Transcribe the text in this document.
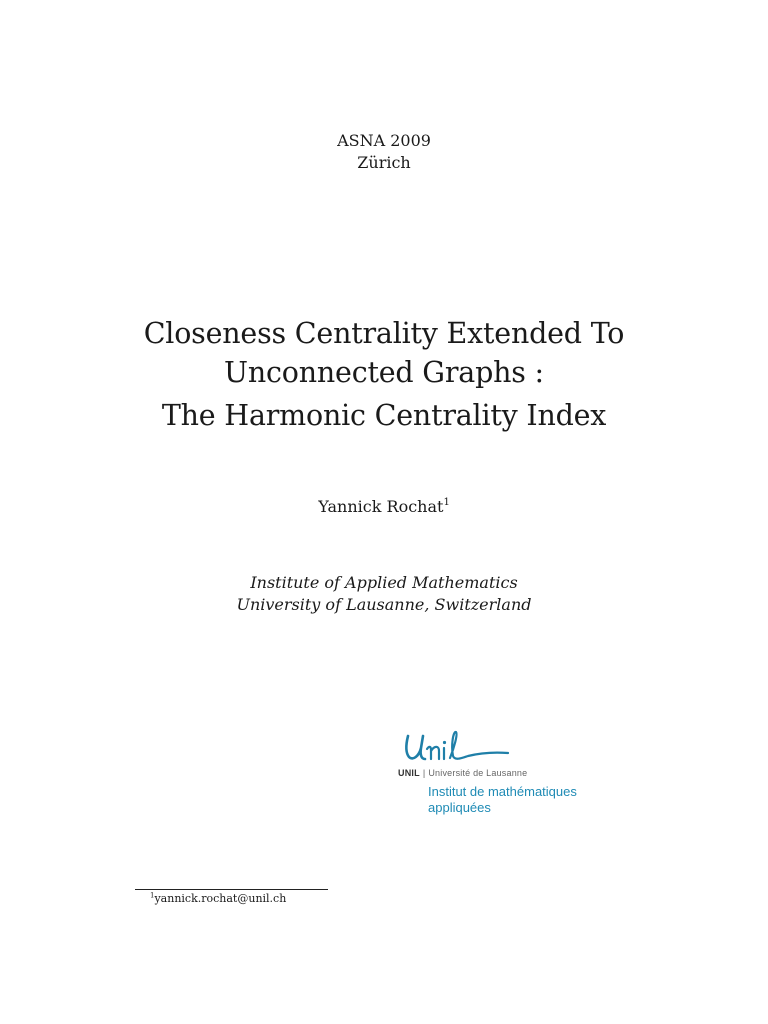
ASNA 2009
Zürich
Closeness Centrality Extended To
Unconnected Graphs :
The Harmonic Centrality Index
Yannick Rochat$^1$
Institute of Applied Mathematics
University of Lausanne, Switzerland
UNIL | Université de Lausanne
Institut de mathématiques
appliquées
$^1$yannick.rochat@unil.ch
